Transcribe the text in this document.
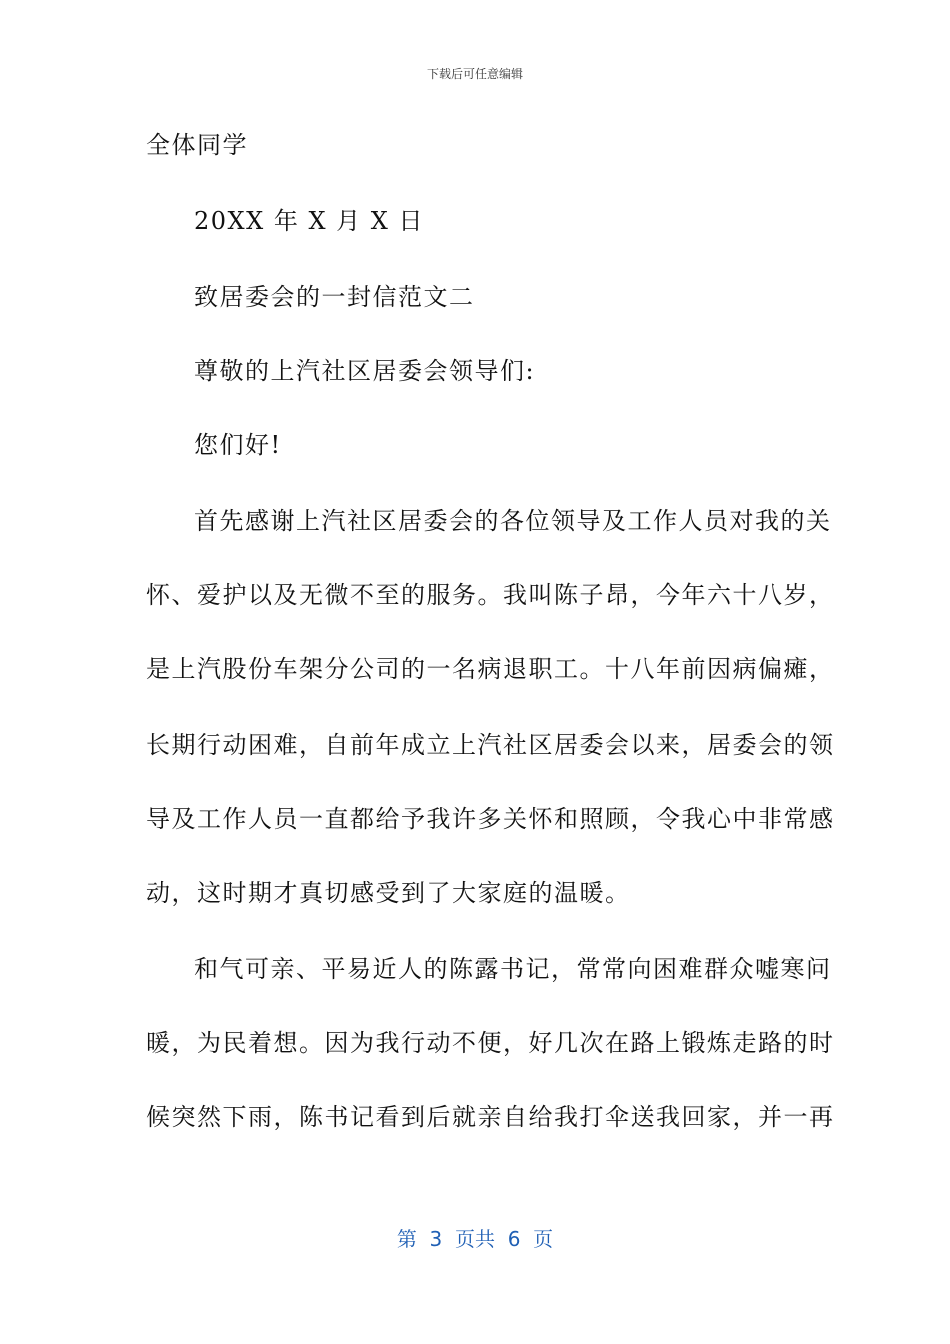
下载后可任意编辑
全体同学
20XX 年 X 月 X 日
致居委会的一封信范文二
尊敬的上汽社区居委会领导们:
您们好!
首先感谢上汽社区居委会的各位领导及工作人员对我的关
怀、爱护以及无微不至的服务。我叫陈子昂，今年六十八岁，
是上汽股份车架分公司的一名病退职工。十八年前因病偏瘫，
长期行动困难，自前年成立上汽社区居委会以来，居委会的领
导及工作人员一直都给予我许多关怀和照顾，令我心中非常感
动，这时期才真切感受到了大家庭的温暖。
和气可亲、平易近人的陈露书记，常常向困难群众嘘寒问
暖，为民着想。因为我行动不便，好几次在路上锻炼走路的时
候突然下雨，陈书记看到后就亲自给我打伞送我回家，并一再
第  3  页共  6  页
